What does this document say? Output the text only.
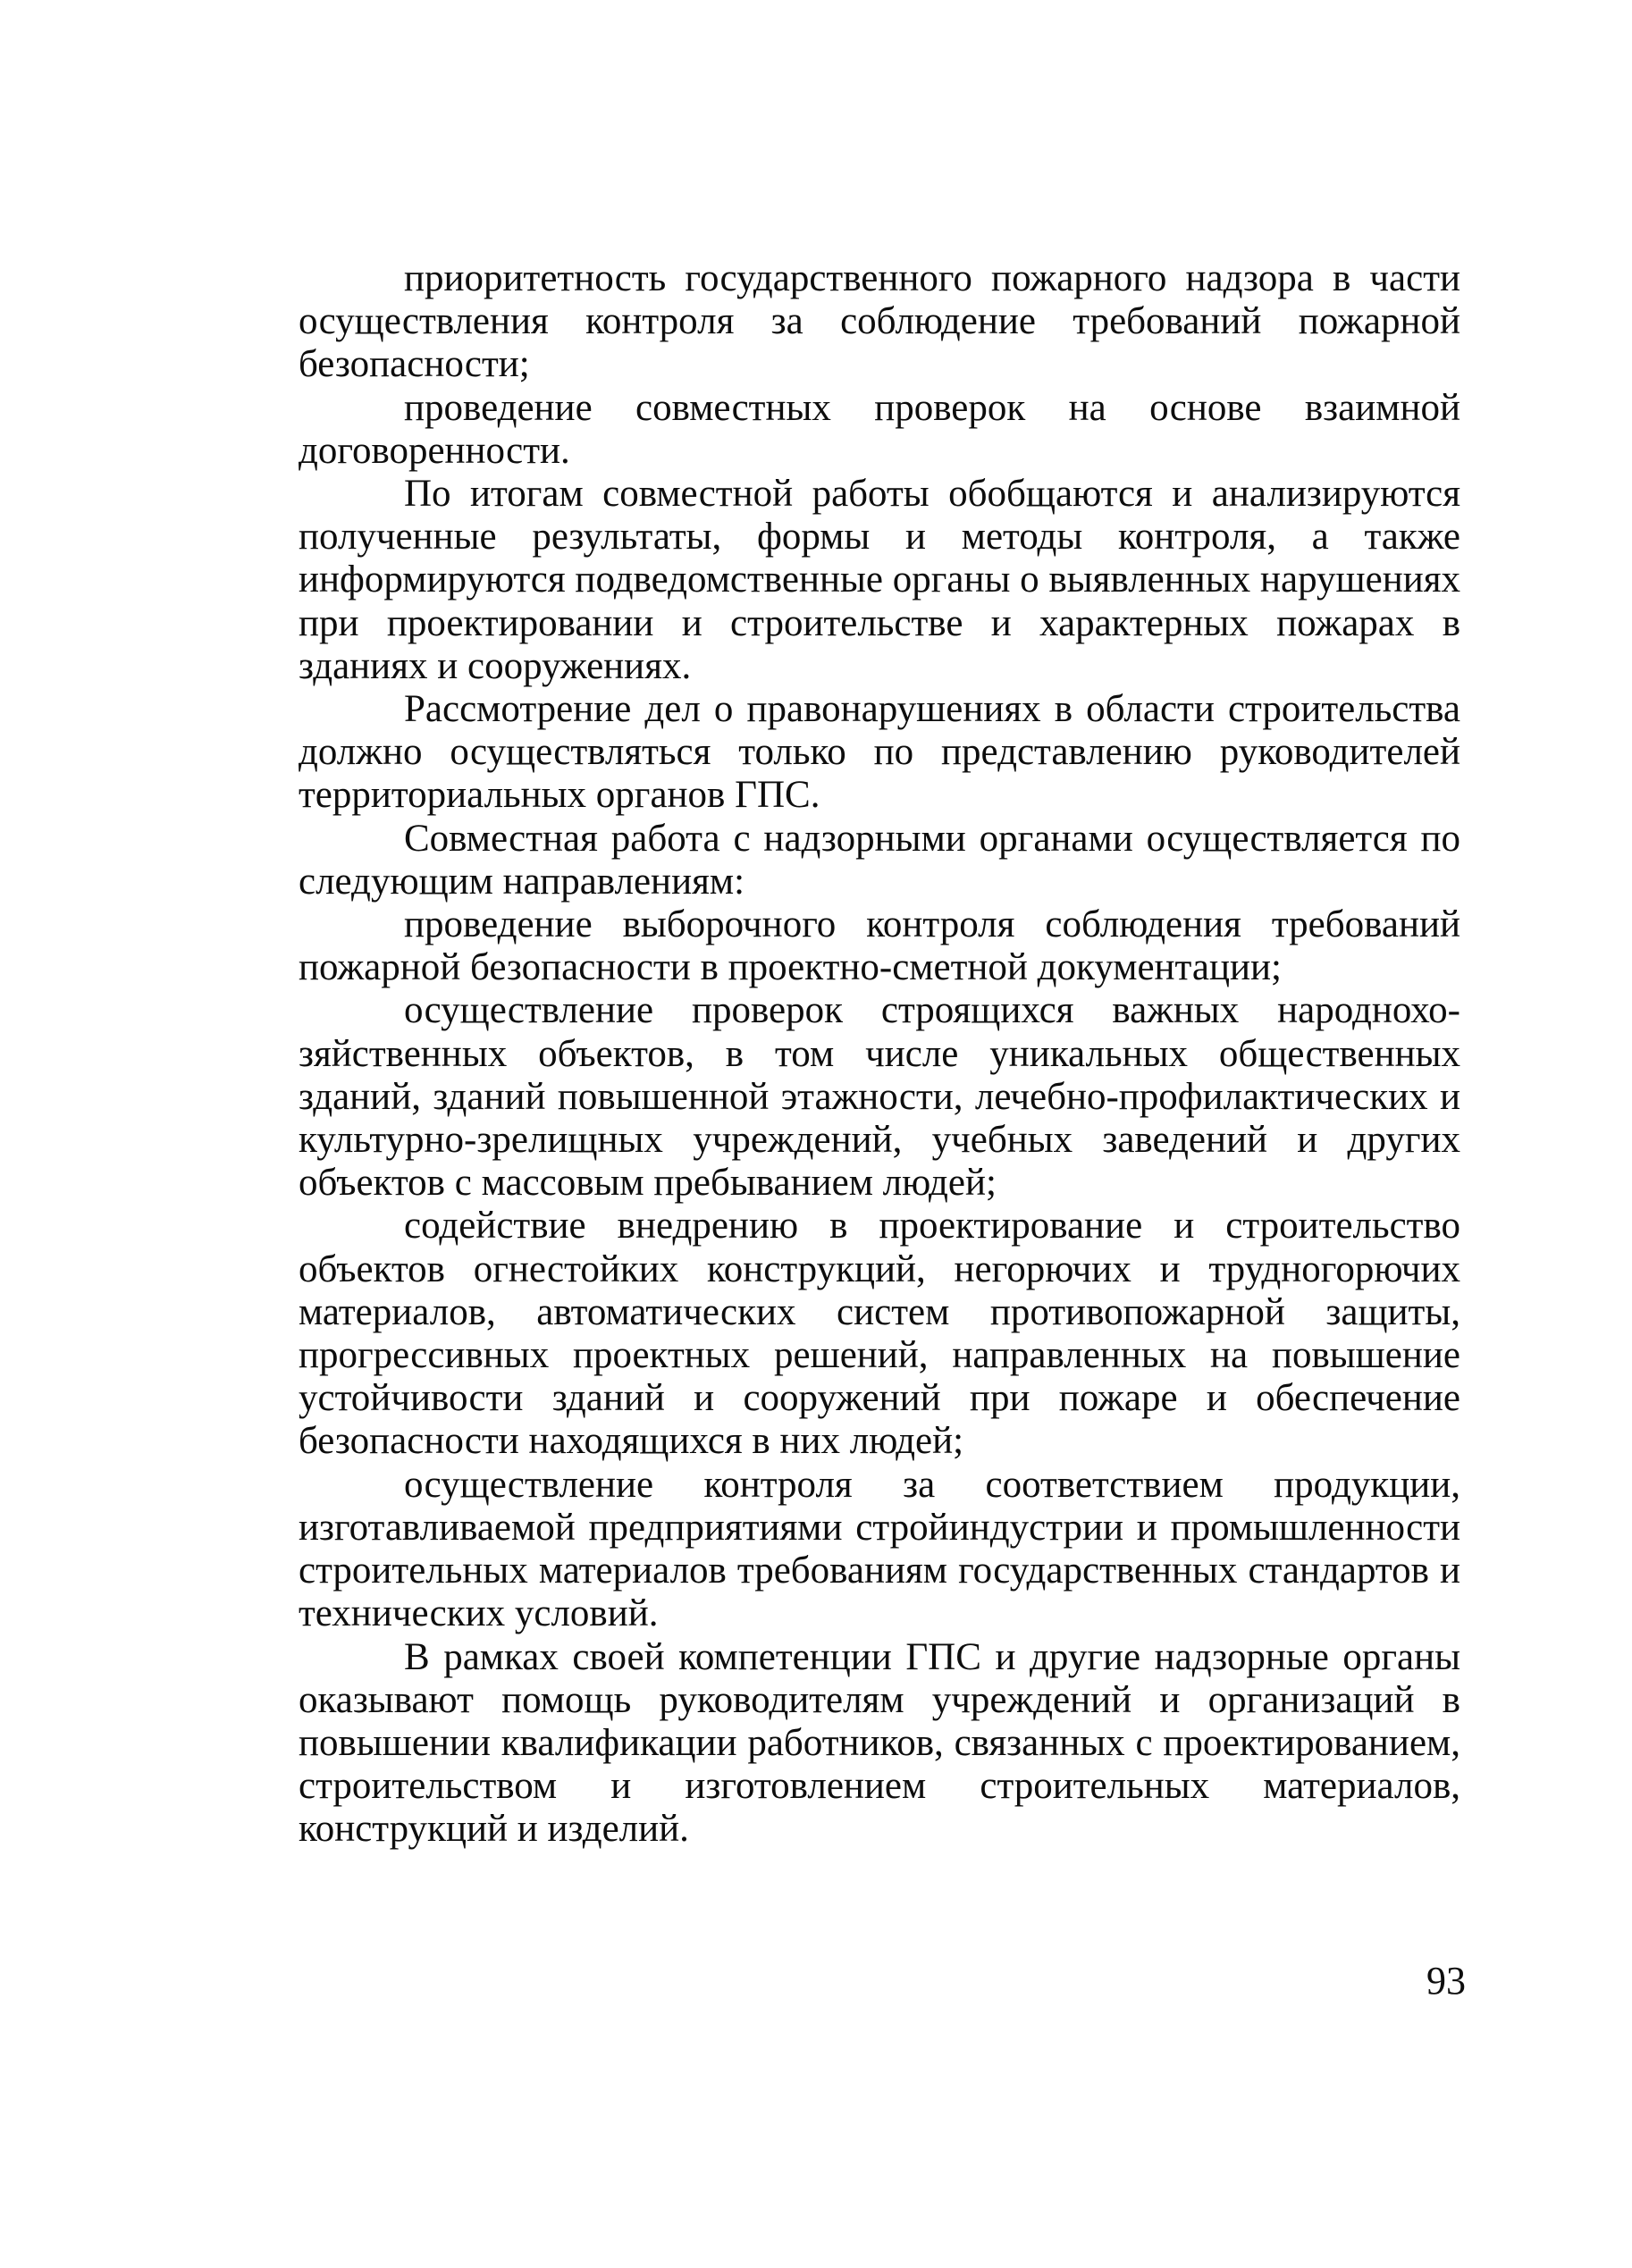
приоритетность государственного пожарного надзора в части осуществления контроля за соблюдение требований пожарной безопасности;

проведение совместных проверок на основе взаимной договоренности.

По итогам совместной работы обобщаются и анализируются полученные результаты, формы и методы контроля, а также информируются подведомственные органы о выявленных нарушениях при проектировании и строительстве и характерных пожарах в зданиях и сооружениях.

Рассмотрение дел о правонарушениях в области строительства должно осуществляться только по представлению руководителей территориальных органов ГПС.

Совместная работа с надзорными органами осуществляется по следующим направлениям:

проведение выборочного контроля соблюдения требований пожарной безопасности в проектно-сметной документации;

осуществление проверок строящихся важных народнохозяйственных объектов, в том числе уникальных общественных зданий, зданий повышенной этажности, лечебно-профилактических и культурно-зрелищных учреждений, учебных заведений и других объектов с массовым пребыванием людей;

содействие внедрению в проектирование и строительство объектов огнестойких конструкций, негорючих и трудногорючих материалов, автоматических систем противопожарной защиты, прогрессивных проектных решений, направленных на повышение устойчивости зданий и сооружений при пожаре и обеспечение безопасности находящихся в них людей;

осуществление контроля за соответствием продукции, изготавливаемой предприятиями стройиндустрии и промышленности строительных материалов требованиям государственных стандартов и технических условий.

В рамках своей компетенции ГПС и другие надзорные органы оказывают помощь руководителям учреждений и организаций в повышении квалификации работников, связанных с проектированием, строительством и изготовлением строительных материалов, конструкций и изделий.

93
